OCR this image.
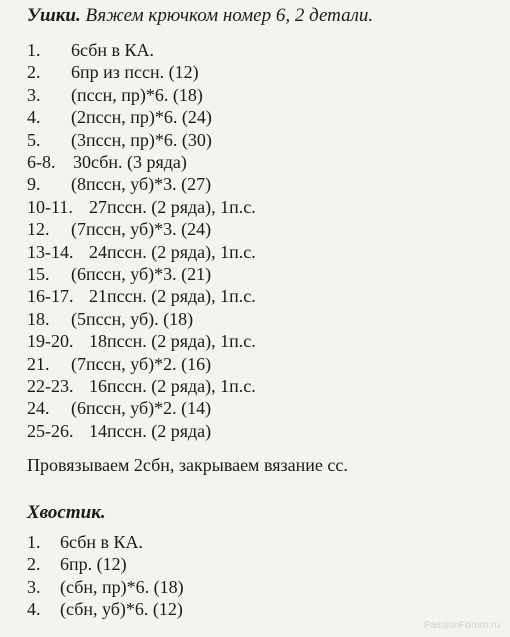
Ушки. Вяжем крючком номер 6, 2 детали.
1. 6сбн в КА.
2. 6пр из пссн. (12)
3. (пссн, пр)*6. (18)
4. (2пссн, пр)*6. (24)
5. (3пссн, пр)*6. (30)
6-8. 30сбн. (3 ряда)
9. (8пссн, уб)*3. (27)
10-11. 27пссн. (2 ряда), 1п.с.
12. (7пссн, уб)*3. (24)
13-14. 24пссн. (2 ряда), 1п.с.
15. (6пссн, уб)*3. (21)
16-17. 21пссн. (2 ряда), 1п.с.
18. (5пссн, уб). (18)
19-20. 18пссн. (2 ряда), 1п.с.
21. (7пссн, уб)*2. (16)
22-23. 16пссн. (2 ряда), 1п.с.
24. (6пссн, уб)*2. (14)
25-26. 14пссн. (2 ряда)
Провязываем 2сбн, закрываем вязание сс.
Хвостик.
1. 6сбн в КА.
2. 6пр. (12)
3. (сбн, пр)*6. (18)
4. (сбн, уб)*6. (12)
PassionForum.ru
